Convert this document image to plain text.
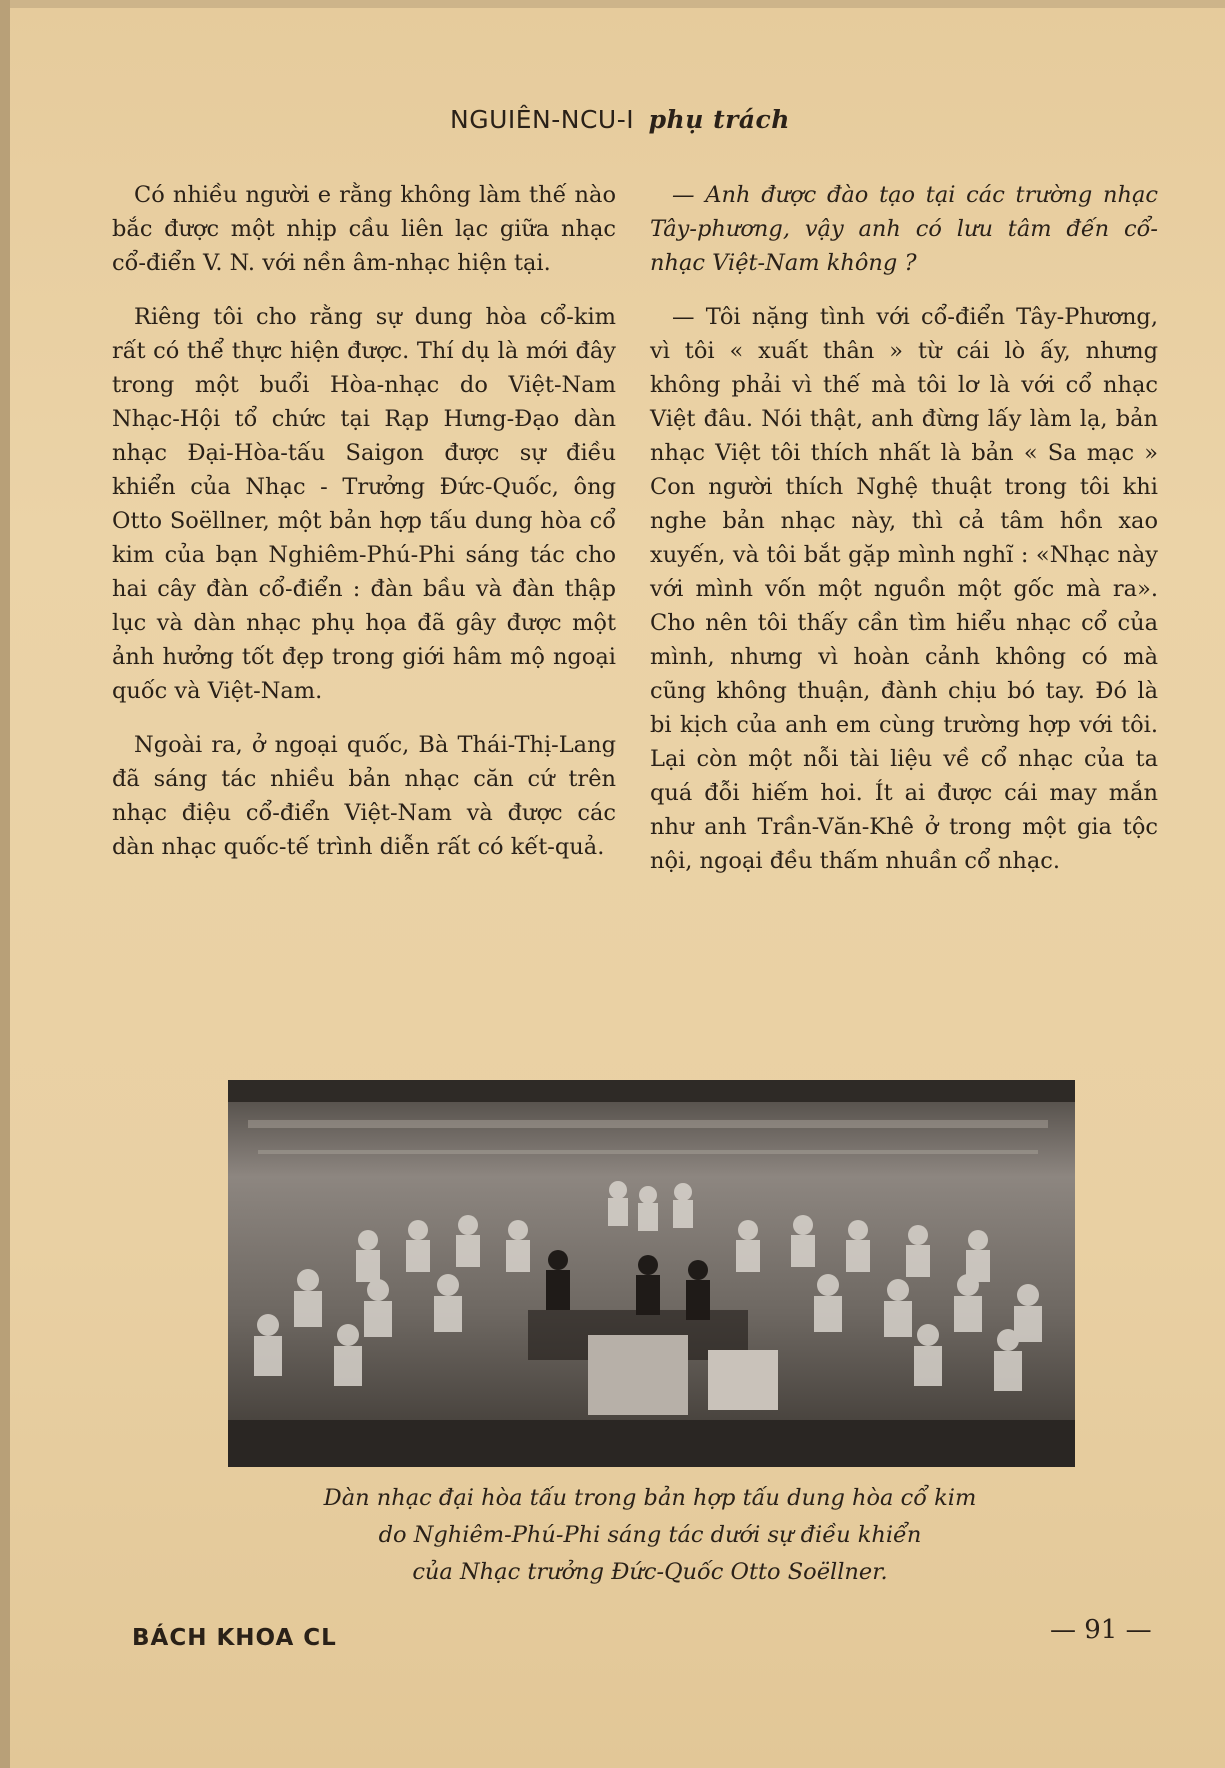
NGUIÊN-NCU-I phụ trách

Có nhiều người e rằng không làm thế nào bắc được một nhịp cầu liên lạc giữa nhạc cổ-điển V. N. với nền âm-nhạc hiện tại.

Riêng tôi cho rằng sự dung hòa cổ-kim rất có thể thực hiện được. Thí dụ là mới đây trong một buổi Hòa-nhạc do Việt-Nam Nhạc-Hội tổ chức tại Rạp Hưng-Đạo dàn nhạc Đại-Hòa-tấu Saigon được sự điều khiển của Nhạc - Trưởng Đức-Quốc, ông Otto Soëllner, một bản hợp tấu dung hòa cổ kim của bạn Nghiêm-Phú-Phi sáng tác cho hai cây đàn cổ-điển : đàn bầu và đàn thập lục và dàn nhạc phụ họa đã gây được một ảnh hưởng tốt đẹp trong giới hâm mộ ngoại quốc và Việt-Nam.

Ngoài ra, ở ngoại quốc, Bà Thái-Thị-Lang đã sáng tác nhiều bản nhạc căn cứ trên nhạc điệu cổ-điển Việt-Nam và được các dàn nhạc quốc-tế trình diễn rất có kết-quả.

— Anh được đào tạo tại các trường nhạc Tây-phương, vậy anh có lưu tâm đến cổ-nhạc Việt-Nam không ?

— Tôi nặng tình với cổ-điển Tây-Phương, vì tôi « xuất thân » từ cái lò ấy, nhưng không phải vì thế mà tôi lơ là với cổ nhạc Việt đâu. Nói thật, anh đừng lấy làm lạ, bản nhạc Việt tôi thích nhất là bản « Sa mạc » Con người thích Nghệ thuật trong tôi khi nghe bản nhạc này, thì cả tâm hồn xao xuyến, và tôi bắt gặp mình nghĩ : «Nhạc này với mình vốn một nguồn một gốc mà ra». Cho nên tôi thấy cần tìm hiểu nhạc cổ của mình, nhưng vì hoàn cảnh không có mà cũng không thuận, đành chịu bó tay. Đó là bi kịch của anh em cùng trường hợp với tôi. Lại còn một nỗi tài liệu về cổ nhạc của ta quá đỗi hiếm hoi. Ít ai được cái may mắn như anh Trần-Văn-Khê ở trong một gia tộc nội, ngoại đều thấm nhuần cổ nhạc.

Dàn nhạc đại hòa tấu trong bản hợp tấu dung hòa cổ kim
do Nghiêm-Phú-Phi sáng tác dưới sự điều khiển
của Nhạc trưởng Đức-Quốc Otto Soëllner.
BÁCH KHOA CL	— 91 —
